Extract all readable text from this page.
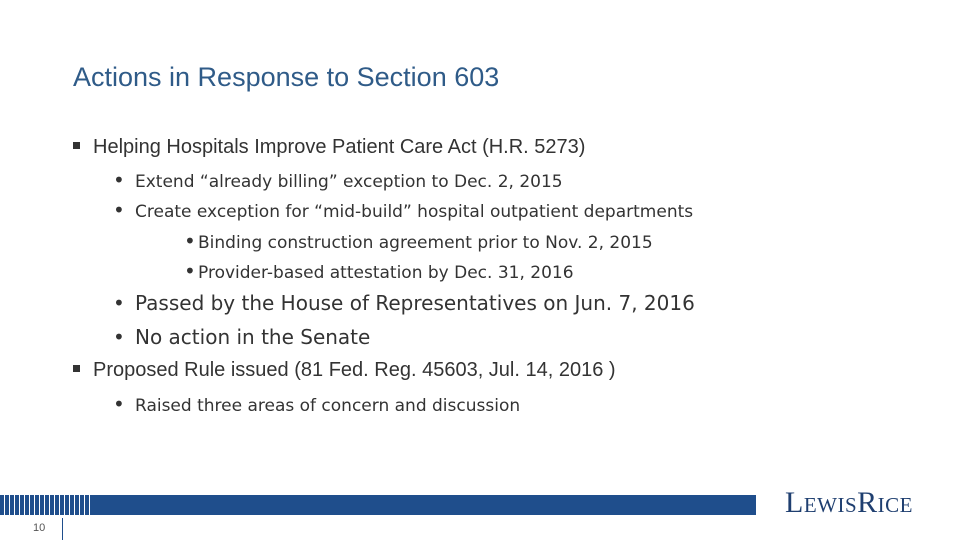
Actions in Response to Section 603
Helping Hospitals Improve Patient Care Act (H.R. 5273)
• Extend “already billing” exception to Dec. 2, 2015
• Create exception for “mid-build” hospital outpatient departments
• Binding construction agreement prior to Nov. 2, 2015
• Provider-based attestation by Dec. 31, 2016
• Passed by the House of Representatives on Jun. 7, 2016
• No action in the Senate
Proposed Rule issued (81 Fed. Reg. 45603, Jul. 14, 2016 )
• Raised three areas of concern and discussion
10
LEWISRICE
